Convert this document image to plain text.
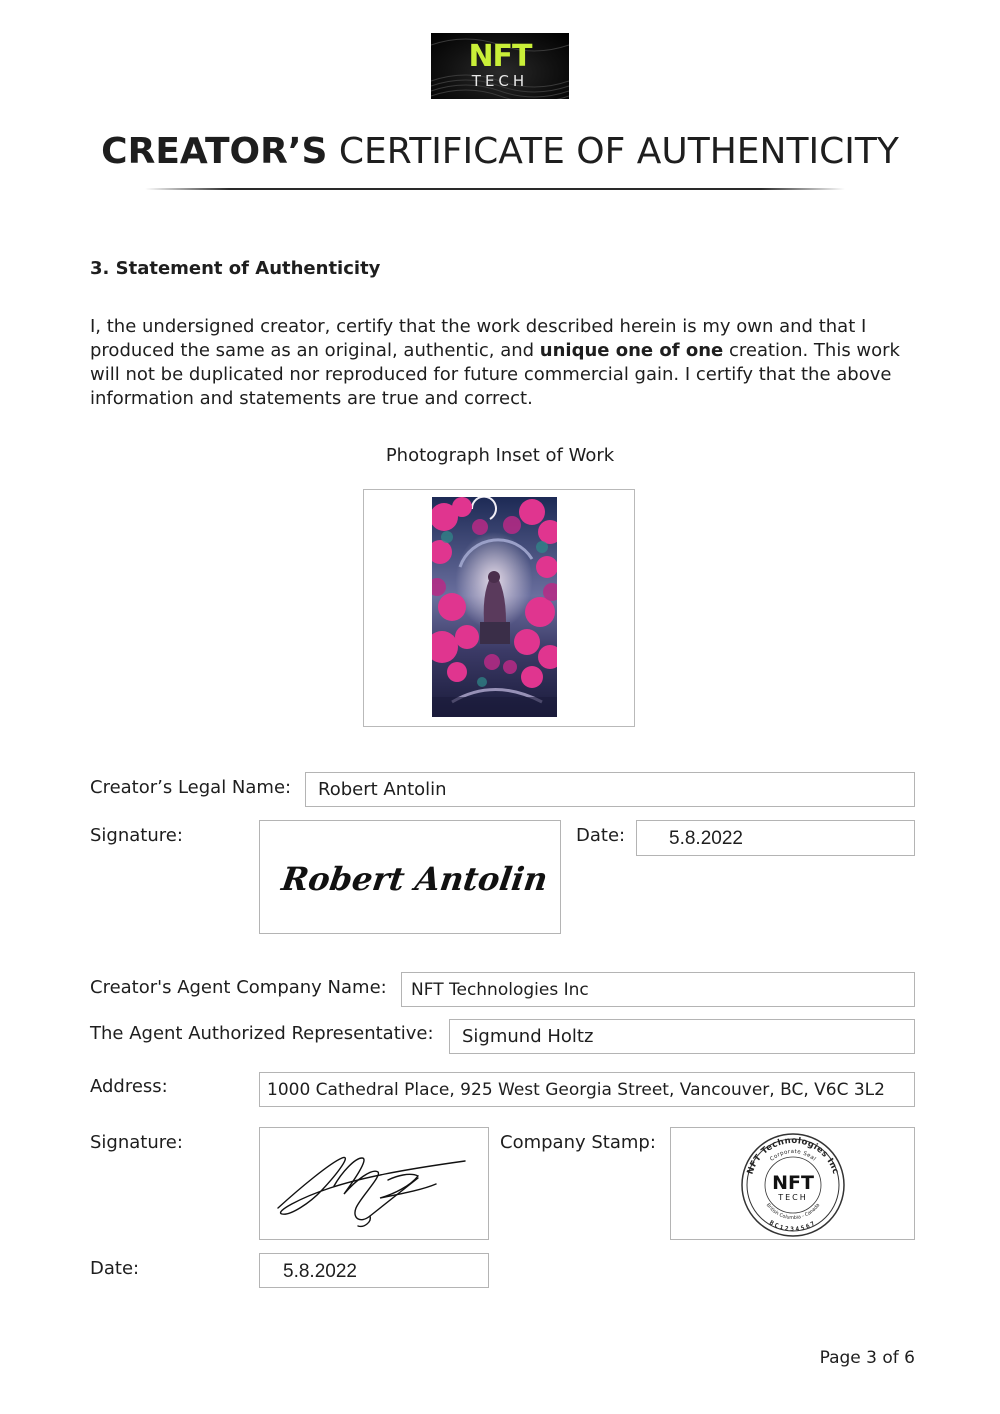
NFT
TECH
CREATOR’S CERTIFICATE OF AUTHENTICITY
3. Statement of Authenticity
I, the undersigned creator, certify that the work described herein is my own and that I produced the same as an original, authentic, and unique one of one creation. This work will not be duplicated nor reproduced for future commercial gain. I certify that the above information and statements are true and correct.
Photograph Inset of Work
Creator’s Legal Name:	Robert Antolin
Signature:
Robert Antolin
Date:	5.8.2022
Creator's Agent Company Name:	NFT Technologies Inc
The Agent Authorized Representative:	Sigmund Holtz
Address:	1000 Cathedral Place, 925 West Georgia Street, Vancouver, BC, V6C 3L2
Signature:	Company Stamp:
NFT Technologies Inc
Corporate Seal
British Columbia - Canada
BC1234567
NFT
TECH
Date:	5.8.2022
Page 3 of 6
